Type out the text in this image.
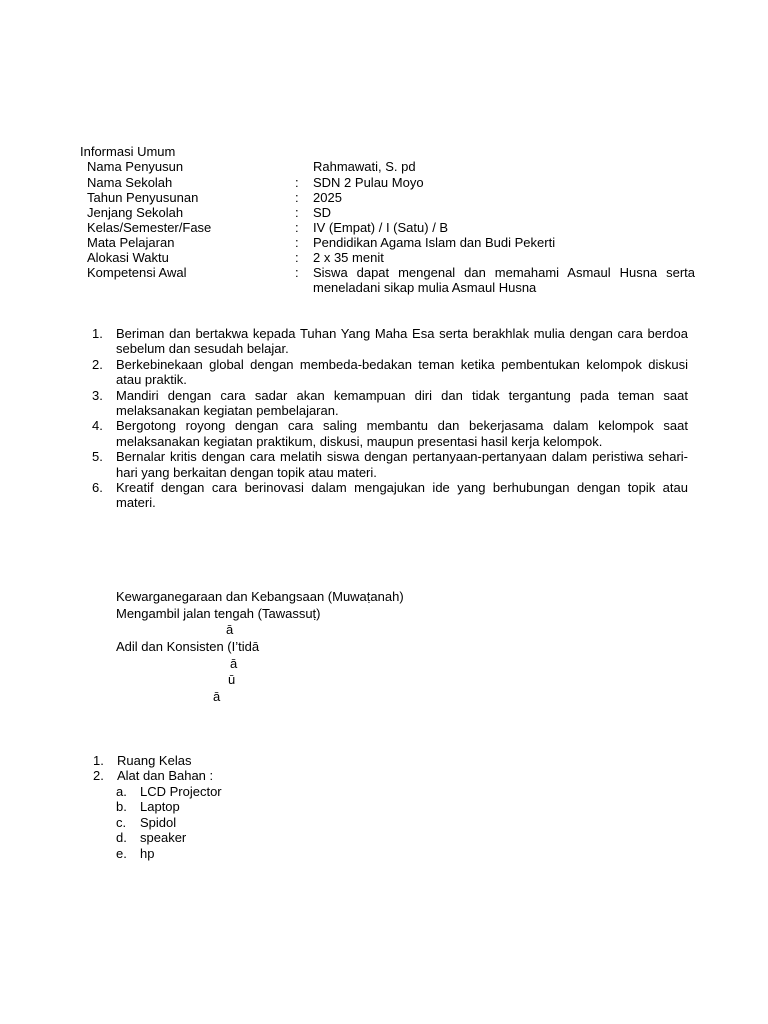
Informasi Umum
Nama Penyusun	Rahmawati, S. pd
Nama Sekolah	: SDN 2 Pulau Moyo
Tahun Penyusunan	: 2025
Jenjang Sekolah	: SD
Kelas/Semester/Fase	: IV (Empat) / I (Satu) / B
Mata Pelajaran	: Pendidikan Agama Islam dan Budi Pekerti
Alokasi Waktu	: 2 x 35 menit
Kompetensi Awal	: Siswa dapat mengenal dan memahami Asmaul Husna serta meneladani sikap mulia Asmaul Husna
1. Beriman dan bertakwa kepada Tuhan Yang Maha Esa serta berakhlak mulia dengan cara berdoa sebelum dan sesudah belajar.
2. Berkebinekaan global dengan membeda-bedakan teman ketika pembentukan kelompok diskusi atau praktik.
3. Mandiri dengan cara sadar akan kemampuan diri dan tidak tergantung pada teman saat melaksanakan kegiatan pembelajaran.
4. Bergotong royong dengan cara saling membantu dan bekerjasama dalam kelompok saat melaksanakan kegiatan praktikum, diskusi, maupun presentasi hasil kerja kelompok.
5. Bernalar kritis dengan cara melatih siswa dengan pertanyaan-pertanyaan dalam peristiwa sehari-hari yang berkaitan dengan topik atau materi.
6. Kreatif dengan cara berinovasi dalam mengajukan ide yang berhubungan dengan topik atau materi.
Kewarganegaraan dan Kebangsaan (Muwaṭanah)
Mengambil jalan tengah (Tawassuṭ)
ā
Adil dan Konsisten (I’tidā
ā
ū
ā
1. Ruang Kelas
2. Alat dan Bahan :
a. LCD Projector
b. Laptop
c. Spidol
d. speaker
e. hp
